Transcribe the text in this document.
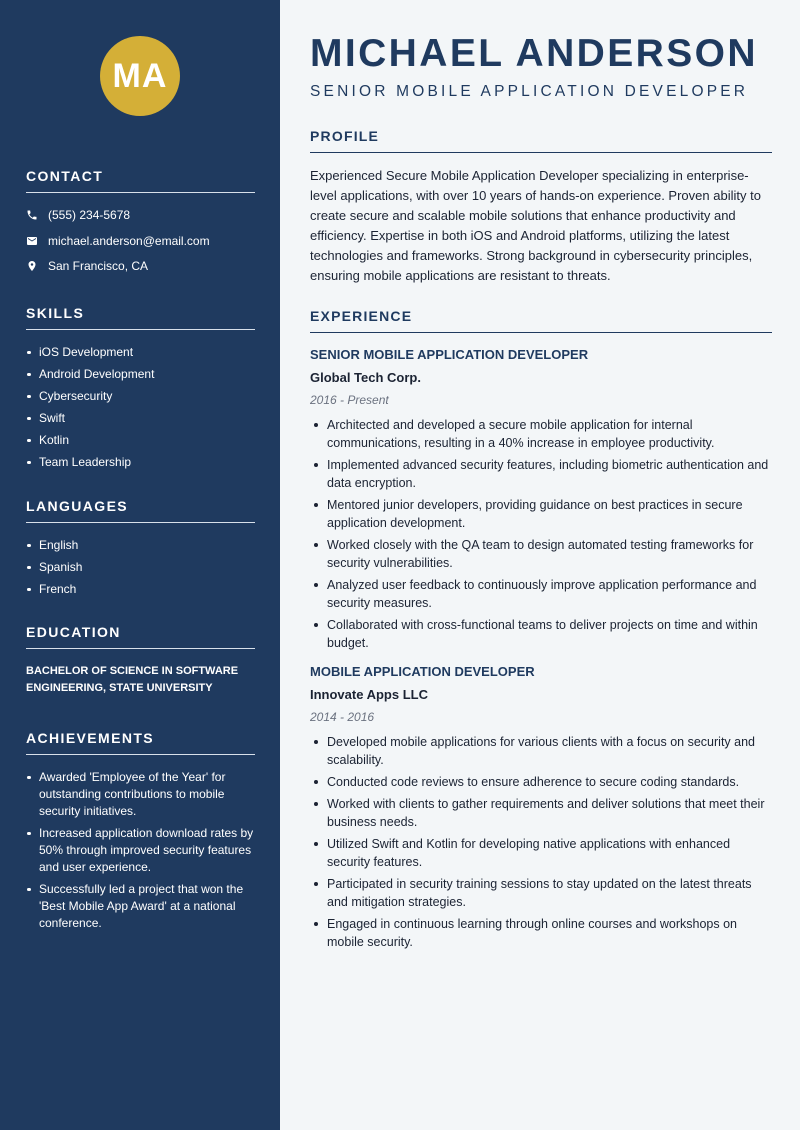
MA
CONTACT
(555) 234-5678
michael.anderson@email.com
San Francisco, CA
SKILLS
iOS Development
Android Development
Cybersecurity
Swift
Kotlin
Team Leadership
LANGUAGES
English
Spanish
French
EDUCATION
BACHELOR OF SCIENCE IN SOFTWARE ENGINEERING, STATE UNIVERSITY
ACHIEVEMENTS
Awarded 'Employee of the Year' for outstanding contributions to mobile security initiatives.
Increased application download rates by 50% through improved security features and user experience.
Successfully led a project that won the 'Best Mobile App Award' at a national conference.
MICHAEL ANDERSON
SENIOR MOBILE APPLICATION DEVELOPER
PROFILE

Experienced Secure Mobile Application Developer specializing in enterprise-level applications, with over 10 years of hands-on experience. Proven ability to create secure and scalable mobile solutions that enhance productivity and efficiency. Expertise in both iOS and Android platforms, utilizing the latest technologies and frameworks. Strong background in cybersecurity principles, ensuring mobile applications are resistant to threats.

EXPERIENCE
SENIOR MOBILE APPLICATION DEVELOPER
Global Tech Corp.
2016 - Present
Architected and developed a secure mobile application for internal communications, resulting in a 40% increase in employee productivity.
Implemented advanced security features, including biometric authentication and data encryption.
Mentored junior developers, providing guidance on best practices in secure application development.
Worked closely with the QA team to design automated testing frameworks for security vulnerabilities.
Analyzed user feedback to continuously improve application performance and security measures.
Collaborated with cross-functional teams to deliver projects on time and within budget.
MOBILE APPLICATION DEVELOPER
Innovate Apps LLC
2014 - 2016
Developed mobile applications for various clients with a focus on security and scalability.
Conducted code reviews to ensure adherence to secure coding standards.
Worked with clients to gather requirements and deliver solutions that meet their business needs.
Utilized Swift and Kotlin for developing native applications with enhanced security features.
Participated in security training sessions to stay updated on the latest threats and mitigation strategies.
Engaged in continuous learning through online courses and workshops on mobile security.
